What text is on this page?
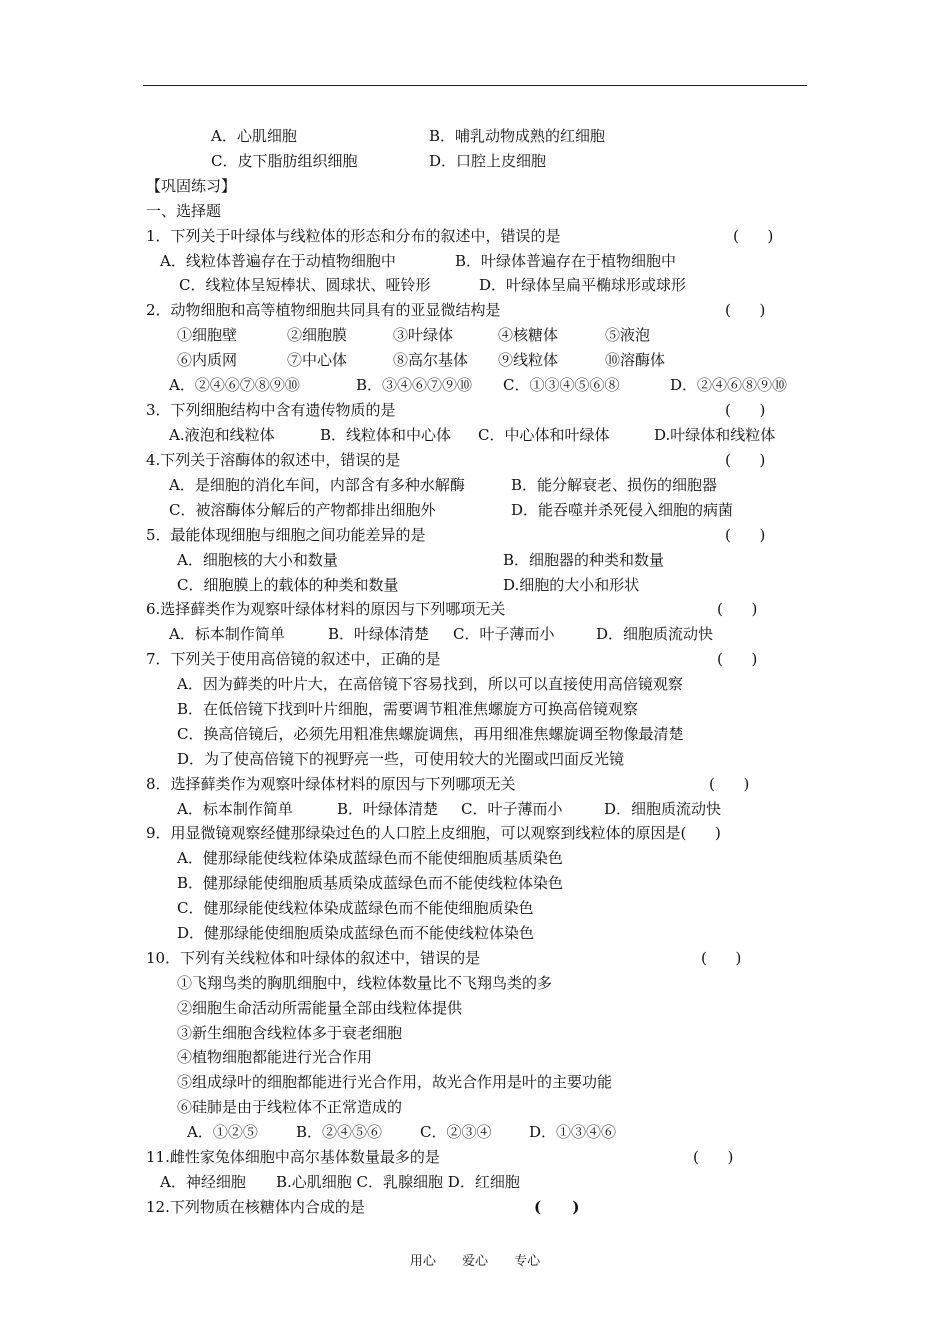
A．心肌细胞	B．哺乳动物成熟的红细胞
C．皮下脂肪组织细胞	D．口腔上皮细胞
【巩固练习】
一、选择题
1．下列关于叶绿体与线粒体的形态和分布的叙述中，错误的是	(      )
A．线粒体普遍存在于动植物细胞中	B．叶绿体普遍存在于植物细胞中
C．线粒体呈短棒状、圆球状、哑铃形	D．叶绿体呈扁平椭球形或球形
2．动物细胞和高等植物细胞共同具有的亚显微结构是	(      )
①细胞壁	②细胞膜	③叶绿体	④核糖体	⑤液泡
⑥内质网	⑦中心体	⑧高尔基体 ⑨线粒体	⑩溶酶体
A．②④⑥⑦⑧⑨⑩	B．③④⑥⑦⑨⑩ C．①③④⑤⑥⑧	D．②④⑥⑧⑨⑩
3．下列细胞结构中含有遗传物质的是	(      )
A.液泡和线粒体	B．线粒体和中心体 C．中心体和叶绿体	D.叶绿体和线粒体
4.下列关于溶酶体的叙述中，错误的是	(      )
A．是细胞的消化车间，内部含有多种水解酶	B．能分解衰老、损伤的细胞器
C．被溶酶体分解后的产物都排出细胞外	D．能吞噬并杀死侵入细胞的病菌
5．最能体现细胞与细胞之间功能差异的是	(      )
A．细胞核的大小和数量	B．细胞器的种类和数量
C．细胞膜上的载体的种类和数量	D.细胞的大小和形状
6.选择藓类作为观察叶绿体材料的原因与下列哪项无关	(      )
A．标本制作简单	B．叶绿体清楚 C．叶子薄而小	D．细胞质流动快
7．下列关于使用高倍镜的叙述中，正确的是	(      )
A．因为藓类的叶片大，在高倍镜下容易找到，所以可以直接使用高倍镜观察
B．在低倍镜下找到叶片细胞，需要调节粗准焦螺旋方可换高倍镜观察
C．换高倍镜后，必须先用粗准焦螺旋调焦，再用细准焦螺旋调至物像最清楚
D．为了使高倍镜下的视野亮一些，可使用较大的光圈或凹面反光镜
8．选择藓类作为观察叶绿体材料的原因与下列哪项无关	(      )
A．标本制作简单	B．叶绿体清楚 C．叶子薄而小	D．细胞质流动快
9．用显微镜观察经健那绿染过色的人口腔上皮细胞，可以观察到线粒体的原因是(      )
A．健那绿能使线粒体染成蓝绿色而不能使细胞质基质染色
B．健那绿能使细胞质基质染成蓝绿色而不能使线粒体染色
C．健那绿能使线粒体染成蓝绿色而不能使细胞质染色
D．健那绿能使细胞质染成蓝绿色而不能使线粒体染色
10．下列有关线粒体和叶绿体的叙述中，错误的是	(      )
①飞翔鸟类的胸肌细胞中，线粒体数量比不飞翔鸟类的多
②细胞生命活动所需能量全部由线粒体提供
③新生细胞含线粒体多于衰老细胞
④植物细胞都能进行光合作用
⑤组成绿叶的细胞都能进行光合作用，故光合作用是叶的主要功能
⑥硅肺是由于线粒体不正常造成的
A．①②⑤	B．②④⑤⑥	C．②③④	D．①③④⑥
11.雌性家兔体细胞中高尔基体数量最多的是	(      )
A．神经细胞 B.心肌细胞 C．乳腺细胞 D．红细胞
12.下列物质在核糖体内合成的是	(      )
用心 爱心 专心
